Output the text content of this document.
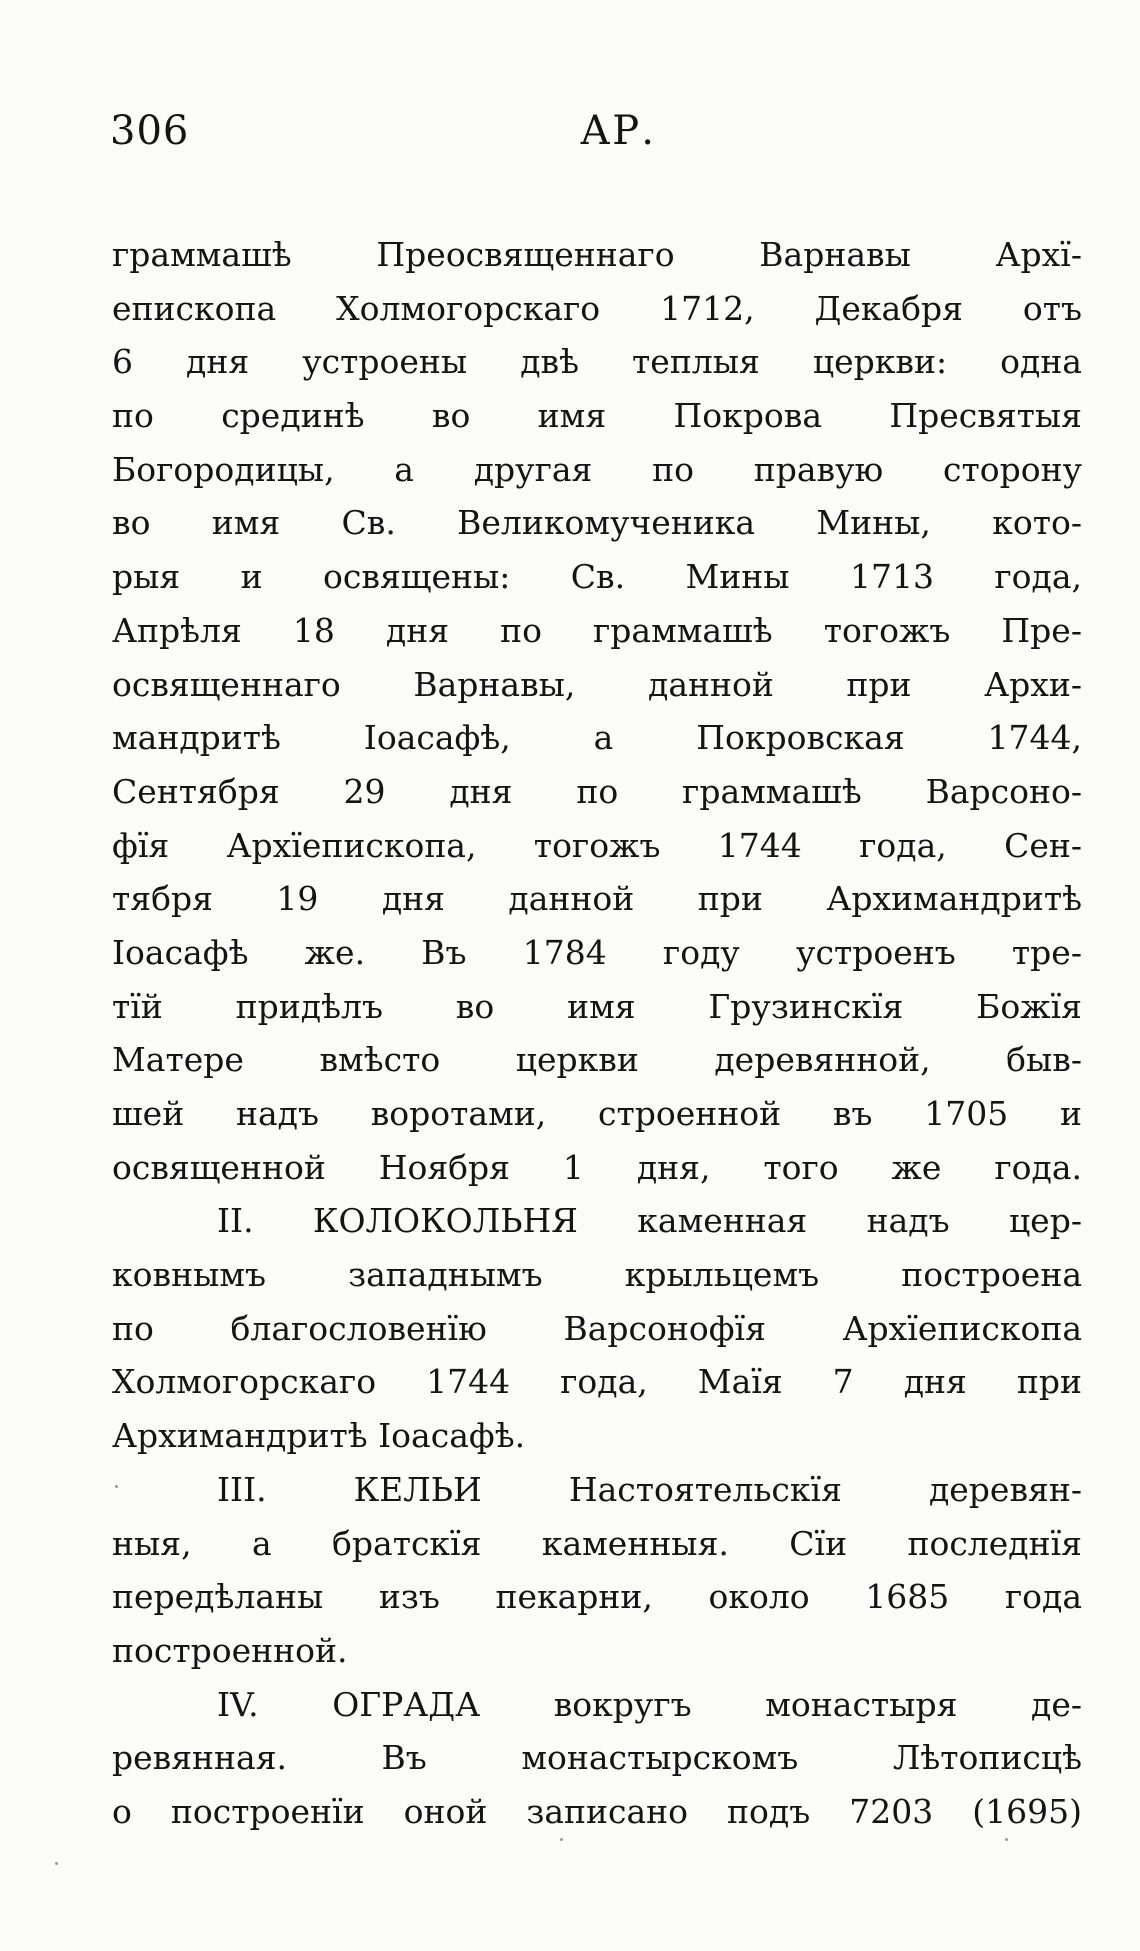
306	АР.
граммашѣ Преосвященнаго Варнавы Архї-
епископа Холмогорскаго 1712, Декабря отъ
6 дня устроены двѣ теплыя церкви: одна
по срединѣ во имя Покрова Пресвятыя
Богородицы, а другая по правую сторону
во имя Св. Великомученика Мины, кото-
рыя и освящены: Св. Мины 1713 года,
Апрѣля 18 дня по граммашѣ тогожъ Пре-
освященнаго Варнавы, данной при Архи-
мандритѣ Іоасафѣ, а Покровская 1744,
Сентября 29 дня по граммашѣ Варсоно-
фїя Архїепископа, тогожъ 1744 года, Сен-
тября 19 дня данной при Архимандритѣ
Іоасафѣ же. Въ 1784 году устроенъ тре-
тїй придѣлъ во имя Грузинскїя Божїя
Матере вмѣсто церкви деревянной, быв-
шей надъ воротами, строенной въ 1705 и
освященной Ноября 1 дня, того же года.
II. КОЛОКОЛЬНЯ каменная надъ цер-
ковнымъ западнымъ крыльцемъ построена
по благословенїю Варсонофїя Архїепископа
Холмогорскаго 1744 года, Маїя 7 дня при
Архимандритѣ Іоасафѣ.
III. КЕЛЬИ Настоятельскїя деревян-
ныя, а братскїя каменныя. Сїи последнїя
передѣланы изъ пекарни, около 1685 года
построенной.
IV. ОГРАДА вокругъ монастыря де-
ревянная. Въ монастырскомъ Лѣтописцѣ
о построенїи оной записано подъ 7203 (1695)
